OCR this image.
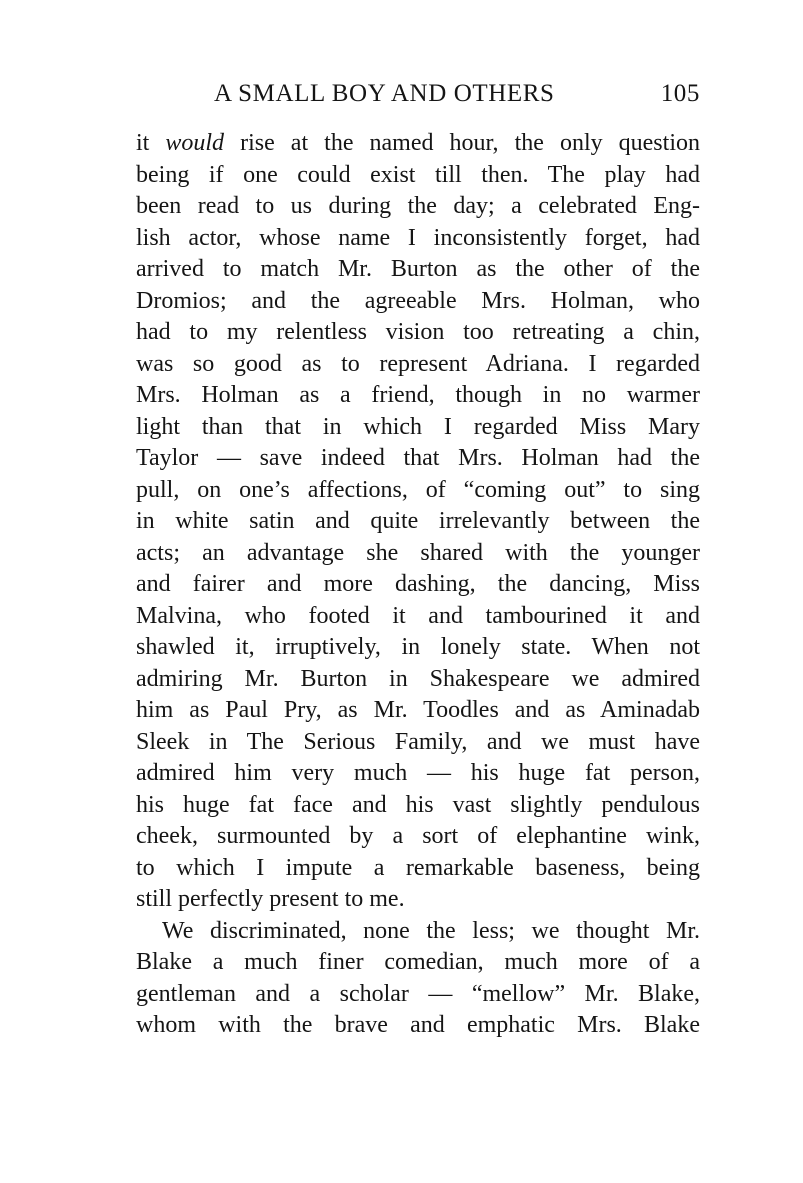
A SMALL BOY AND OTHERS	105
it would rise at the named hour, the only question
being if one could exist till then. The play had
been read to us during the day; a celebrated Eng-
lish actor, whose name I inconsistently forget, had
arrived to match Mr. Burton as the other of the
Dromios; and the agreeable Mrs. Holman, who
had to my relentless vision too retreating a chin,
was so good as to represent Adriana. I regarded
Mrs. Holman as a friend, though in no warmer
light than that in which I regarded Miss Mary
Taylor — save indeed that Mrs. Holman had the
pull, on one’s affections, of “coming out” to sing
in white satin and quite irrelevantly between the
acts; an advantage she shared with the younger
and fairer and more dashing, the dancing, Miss
Malvina, who footed it and tambourined it and
shawled it, irruptively, in lonely state. When not
admiring Mr. Burton in Shakespeare we admired
him as Paul Pry, as Mr. Toodles and as Aminadab
Sleek in The Serious Family, and we must have
admired him very much — his huge fat person,
his huge fat face and his vast slightly pendulous
cheek, surmounted by a sort of elephantine wink,
to which I impute a remarkable baseness, being
still perfectly present to me.
We discriminated, none the less; we thought Mr.
Blake a much finer comedian, much more of a
gentleman and a scholar — “mellow” Mr. Blake,
whom with the brave and emphatic Mrs. Blake
